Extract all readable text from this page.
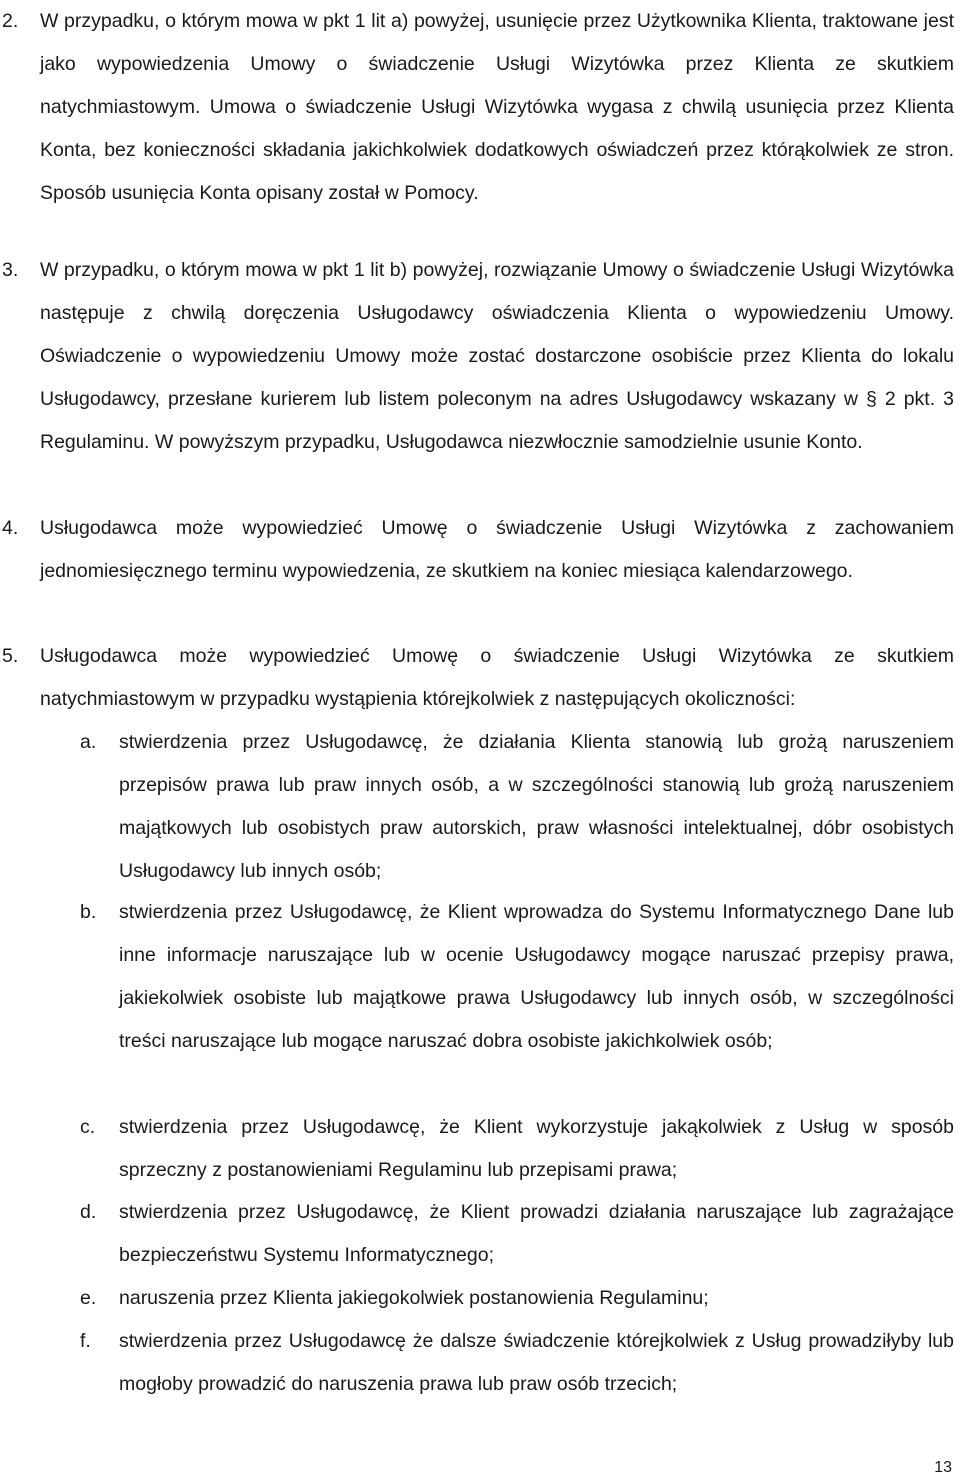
2. W przypadku, o którym mowa w pkt 1 lit a) powyżej, usunięcie przez Użytkownika Klienta, traktowane jest jako wypowiedzenia Umowy o świadczenie Usługi Wizytówka przez Klienta ze skutkiem natychmiastowym. Umowa o świadczenie Usługi Wizytówka wygasa z chwilą usunięcia przez Klienta Konta, bez konieczności składania jakichkolwiek dodatkowych oświadczeń przez którąkolwiek ze stron. Sposób usunięcia Konta opisany został w Pomocy.

3. W przypadku, o którym mowa w pkt 1 lit b) powyżej, rozwiązanie Umowy o świadczenie Usługi Wizytówka następuje z chwilą doręczenia Usługodawcy oświadczenia Klienta o wypowiedzeniu Umowy. Oświadczenie o wypowiedzeniu Umowy może zostać dostarczone osobiście przez Klienta do lokalu Usługodawcy, przesłane kurierem lub listem poleconym na adres Usługodawcy wskazany w § 2 pkt. 3 Regulaminu. W powyższym przypadku, Usługodawca niezwłocznie samodzielnie usunie Konto.

4. Usługodawca może wypowiedzieć Umowę o świadczenie Usługi Wizytówka z zachowaniem jednomiesięcznego terminu wypowiedzenia, ze skutkiem na koniec miesiąca kalendarzowego.

5. Usługodawca może wypowiedzieć Umowę o świadczenie Usługi Wizytówka ze skutkiem natychmiastowym w przypadku wystąpienia którejkolwiek z następujących okoliczności:

a. stwierdzenia przez Usługodawcę, że działania Klienta stanowią lub grożą naruszeniem przepisów prawa lub praw innych osób, a w szczególności stanowią lub grożą naruszeniem majątkowych lub osobistych praw autorskich, praw własności intelektualnej, dóbr osobistych Usługodawcy lub innych osób;

b. stwierdzenia przez Usługodawcę, że Klient wprowadza do Systemu Informatycznego Dane lub inne informacje naruszające lub w ocenie Usługodawcy mogące naruszać przepisy prawa, jakiekolwiek osobiste lub majątkowe prawa Usługodawcy lub innych osób, w szczególności treści naruszające lub mogące naruszać dobra osobiste jakichkolwiek osób;

c. stwierdzenia przez Usługodawcę, że Klient wykorzystuje jakąkolwiek z Usług w sposób sprzeczny z postanowieniami Regulaminu lub przepisami prawa;

d. stwierdzenia przez Usługodawcę, że Klient prowadzi działania naruszające lub zagrażające bezpieczeństwu Systemu Informatycznego;

e. naruszenia przez Klienta jakiegokolwiek postanowienia Regulaminu;

f. stwierdzenia przez Usługodawcę że dalsze świadczenie którejkolwiek z Usług prowadziłyby lub mogłoby prowadzić do naruszenia prawa lub praw osób trzecich;

13
